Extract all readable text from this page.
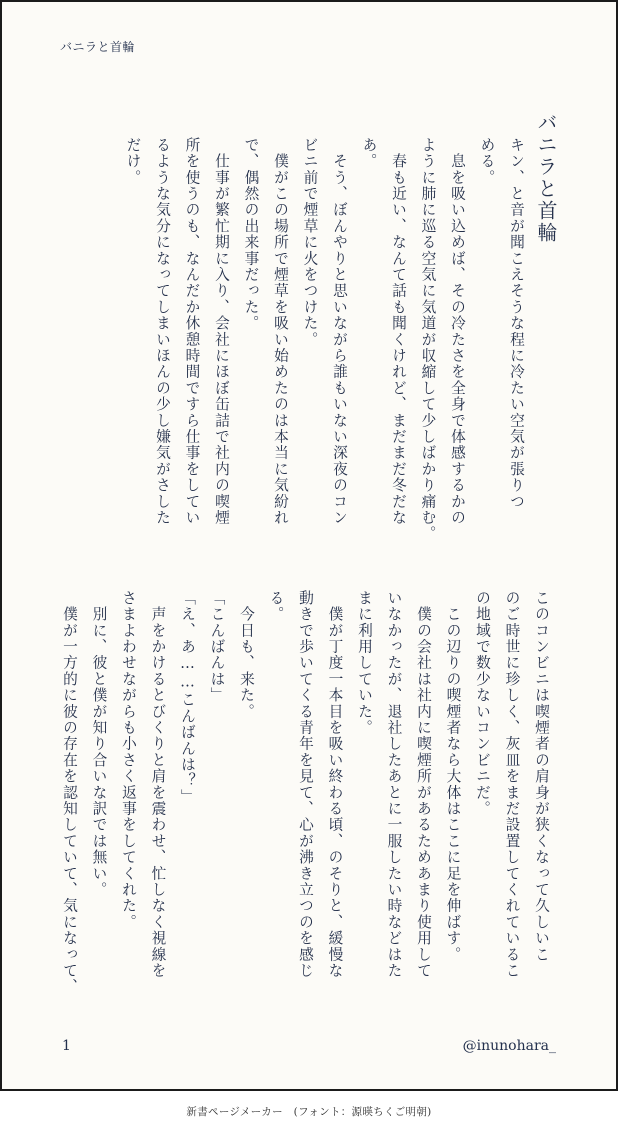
バニラと首輪
バニラと首輪
キン、と音が聞こえそうな程に冷たい空気が張りつ
める。
　息を吸い込めば、その冷たさを全身で体感するかの
ように肺に巡る空気に気道が収縮して少しばかり痛む。
　春も近い、なんて話も聞くけれど、まだまだ冬だな
あ。
　そう、ぼんやりと思いながら誰もいない深夜のコン
ビニ前で煙草に火をつけた。
　僕がこの場所で煙草を吸い始めたのは本当に気紛れ
で、偶然の出来事だった。
　仕事が繁忙期に入り、会社にほぼ缶詰で社内の喫煙
所を使うのも、なんだか休憩時間ですら仕事をしてい
るような気分になってしまいほんの少し嫌気がさした
だけ。
このコンビニは喫煙者の肩身が狭くなって久しいこ
のご時世に珍しく、灰皿をまだ設置してくれているこ
の地域で数少ないコンビニだ。
　この辺りの喫煙者なら大体はここに足を伸ばす。
　僕の会社は社内に喫煙所があるためあまり使用して
いなかったが、退社したあとに一服したい時などはた
まに利用していた。
　僕が丁度一本目を吸い終わる頃、のそりと、緩慢な
動きで歩いてくる青年を見て、心が沸き立つのを感じ
る。
　今日も、来た。
「こんばんは」
「え、あ……こんばんは？」
　声をかけるとびくりと肩を震わせ、忙しなく視線を
さまよわせながらも小さく返事をしてくれた。
　別に、彼と僕が知り合いな訳では無い。
　僕が一方的に彼の存在を認知していて、気になって、
1	@inunohara_
新書ページメーカー　(フォント：源暎ちくご明朝)
